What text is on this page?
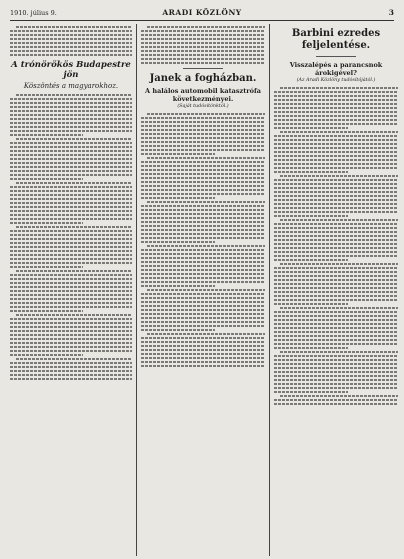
1910. július 9.	ARADI KÖZLÖNY	3
A trónörökös Budapestre jön
Köszöntés a magyarokhoz.
Janek a fogházban.
A halálos automobil katasztrófa következményei.
(Saját tudósítónktól.)
Barbini ezredes feljelentése.
Visszalépés a parancsnok árokigével?
(Az Aradi Közlöny tudósítójától.)
